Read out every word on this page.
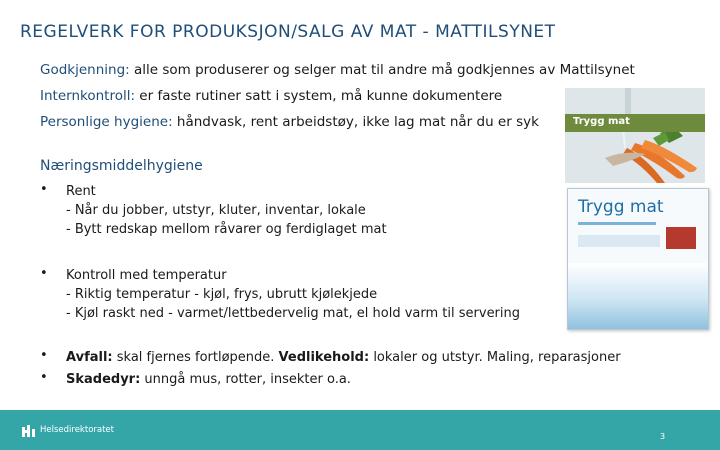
REGELVERK FOR PRODUKSJON/SALG AV MAT - MATTILSYNET
Godkjenning: alle som produserer og selger mat til andre må godkjennes av Mattilsynet
Internkontroll: er faste rutiner satt i system, må kunne dokumentere
Personlige hygiene: håndvask, rent arbeidstøy, ikke lag mat når du er syk
Næringsmiddelhygiene
•	Rent
- Når du jobber, utstyr, kluter, inventar, lokale
- Bytt redskap mellom råvarer og ferdiglaget mat
•	Kontroll med temperatur
- Riktig temperatur - kjøl, frys, ubrutt kjølekjede
- Kjøl raskt ned - varmet/lettbedervelig mat, el hold varm til servering
•	Avfall: skal fjernes fortløpende. Vedlikehold: lokaler og utstyr. Maling, reparasjoner
•	Skadedyr: unngå mus, rotter, insekter o.a.
Trygg mat
Trygg mat
Helsedirektoratet
3
